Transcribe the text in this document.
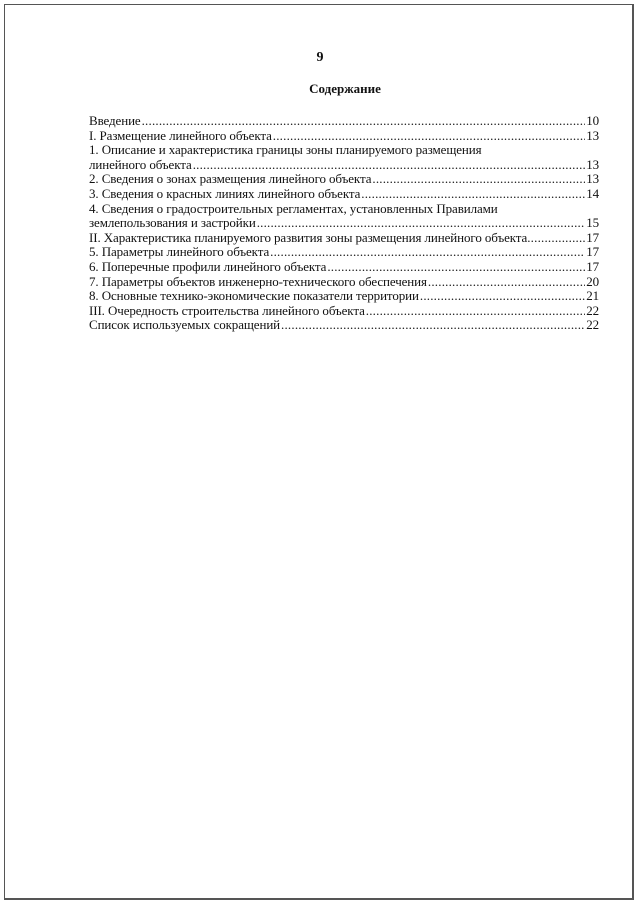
9
Содержание
Введение .....	10
I. Размещение линейного объекта .....	13
1. Описание и характеристика границы зоны планируемого размещения
линейного объекта .....	13
2. Сведения о зонах размещения линейного объекта .....	13
3. Сведения о красных линиях линейного объекта .....	14
4. Сведения о градостроительных регламентах, установленных Правилами
землепользования и застройки .....	15
II. Характеристика планируемого развития зоны размещения линейного объекта .....	17
5. Параметры линейного объекта .....	17
6. Поперечные профили линейного объекта .....	17
7. Параметры объектов инженерно-технического обеспечения .....	20
8. Основные технико-экономические показатели территории .....	21
III. Очередность строительства линейного объекта .....	22
Список используемых сокращений .....	22
